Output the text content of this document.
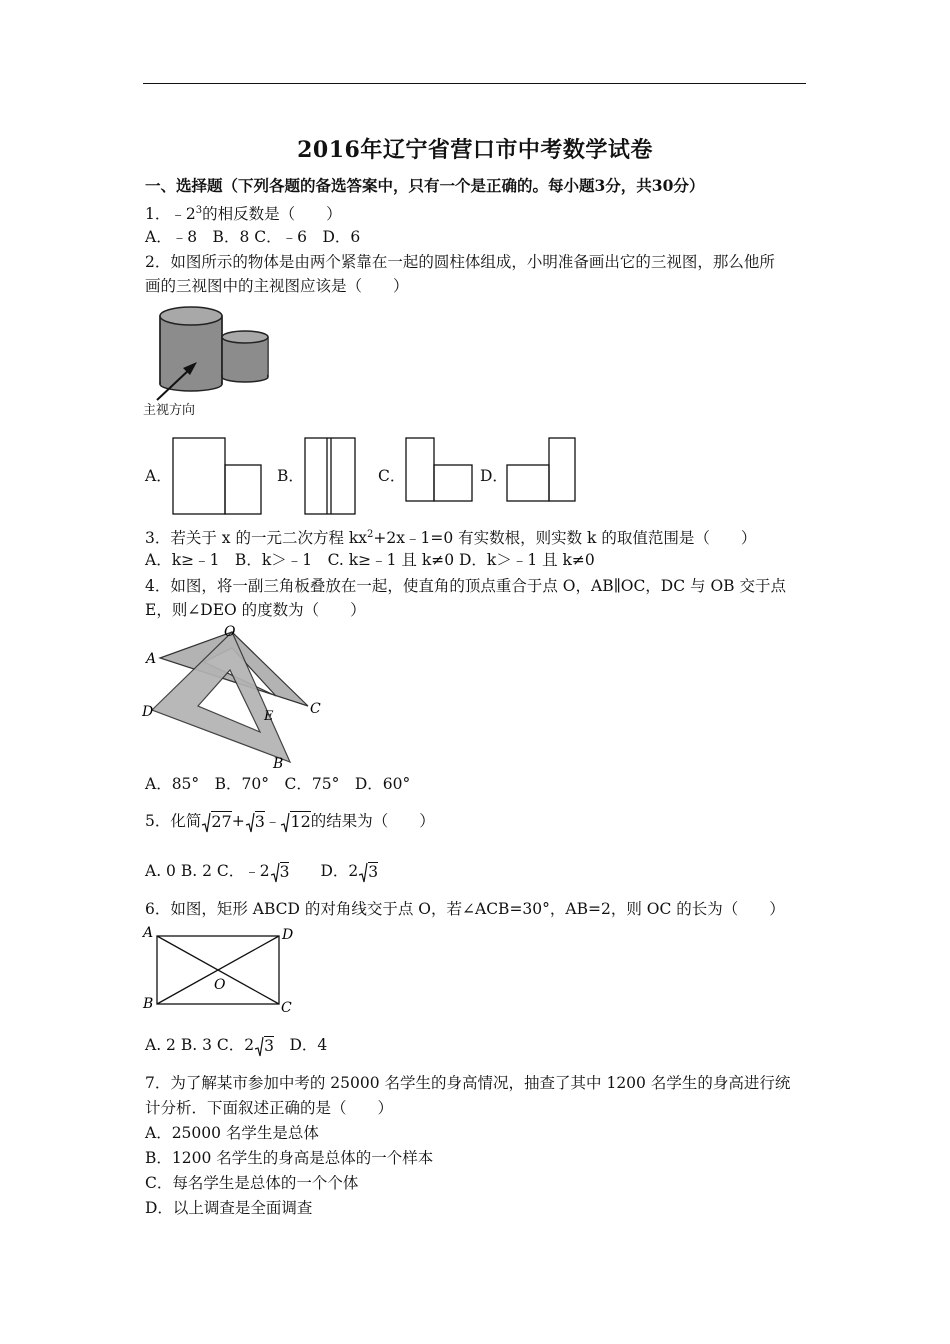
2016年辽宁省营口市中考数学试卷
一、选择题（下列各题的备选答案中，只有一个是正确的。每小题3分，共30分）
1．$﹣2^3$的相反数是（　　）
A．﹣8　B．8 C．﹣6　D．6
2．如图所示的物体是由两个紧靠在一起的圆柱体组成，小明准备画出它的三视图，那么他所
画的三视图中的主视图应该是（　　）
主视方向
A．	B．	C．	D．
3．若关于 x 的一元二次方程 $kx^2+2x﹣1=0$ 有实数根，则实数 k 的取值范围是（　　）
A．k≥﹣1　B．k＞﹣1　C. k≥﹣1 且 k≠0 D．k＞﹣1 且 k≠0
4．如图，将一副三角板叠放在一起，使直角的顶点重合于点 O，AB∥OC，DC 与 OB 交于点
E，则∠DEO 的度数为（　　）
O
A
D	C
E
B
A．85°　B．70°　C．75°　D．60°
5．化简 27+ 3﹣ 12的结果为（　　）
A. 0 B. 2 C．﹣2 3　　 D．2 3
6．如图，矩形 ABCD 的对角线交于点 O，若∠ACB=30°，AB=2，则 OC 的长为（　　）
A	D
B	C
O
A. 2 B. 3 C．2 3　 D．4
7．为了解某市参加中考的 25000 名学生的身高情况，抽查了其中 1200 名学生的身高进行统
计分析．下面叙述正确的是（　　）
A．25000 名学生是总体
B．1200 名学生的身高是总体的一个样本
C．每名学生是总体的一个个体
D．以上调查是全面调查
